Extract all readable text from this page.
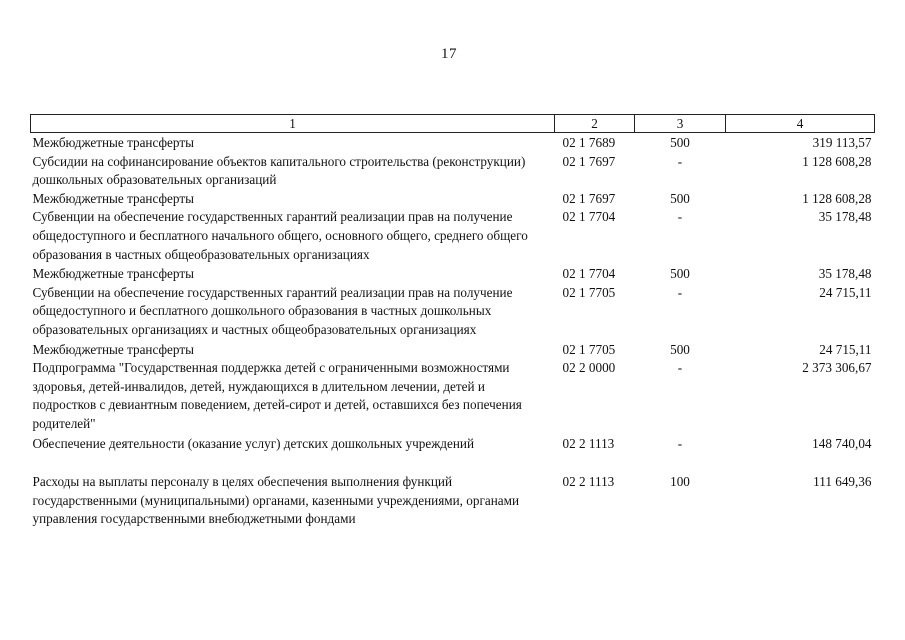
17
1	2	3	4
Межбюджетные трансферты	02 1 7689	500	319 113,57
Субсидии на софинансирование объектов капитального строительства (реконструкции) дошкольных образовательных организаций	02 1 7697	-	1 128 608,28
Межбюджетные трансферты	02 1 7697	500	1 128 608,28
Субвенции на обеспечение государственных гарантий реализации прав на получение общедоступного и бесплатного начального общего, основного общего, среднего общего образования в частных общеобразовательных организациях	02 1 7704	-	35 178,48
Межбюджетные трансферты	02 1 7704	500	35 178,48
Субвенции на обеспечение государственных гарантий реализации прав на получение общедоступного и бесплатного дошкольного образования в частных дошкольных образовательных организациях и частных общеобразовательных организациях	02 1 7705	-	24 715,11
Межбюджетные трансферты	02 1 7705	500	24 715,11
Подпрограмма "Государственная поддержка детей с ограниченными возможностями здоровья, детей-инвалидов, детей, нуждающихся в длительном лечении, детей и подростков с девиантным поведением, детей-сирот и детей, оставшихся без попечения родителей"	02 2 0000	-	2 373 306,67
Обеспечение деятельности (оказание услуг) детских дошкольных учреждений	02 2 1113	-	148 740,04
Расходы на выплаты персоналу в целях обеспечения выполнения функций государственными (муниципальными) органами, казенными учреждениями, органами управления государственными внебюджетными фондами	02 2 1113	100	111 649,36
